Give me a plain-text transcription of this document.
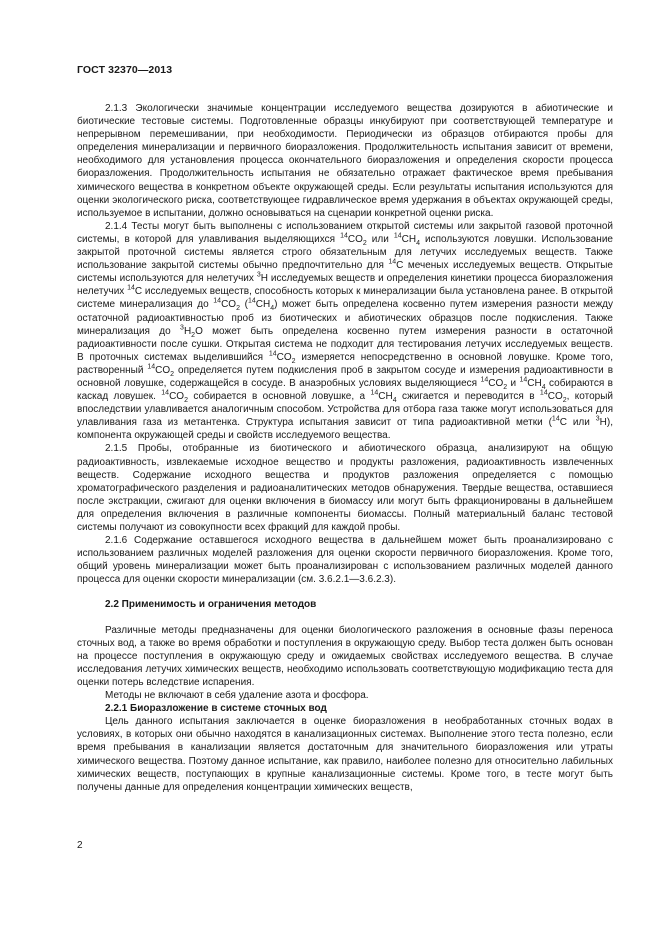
ГОСТ 32370—2013

2.1.3 Экологически значимые концентрации исследуемого вещества дозируются в абиотические и биотические тестовые системы. Подготовленные образцы инкубируют при соответствующей температуре и непрерывном перемешивании, при необходимости. Периодически из образцов отбираются пробы для определения минерализации и первичного биоразложения. Продолжительность испытания зависит от времени, необходимого для установления процесса окончательного биоразложения и определения скорости процесса биоразложения. Продолжительность испытания не обязательно отражает фактическое время пребывания химического вещества в конкретном объекте окружающей среды. Если результаты испытания используются для оценки экологического риска, соответствующее гидравлическое время удержания в объектах окружающей среды, используемое в испытании, должно основываться на сценарии конкретной оценки риска.

2.1.4 Тесты могут быть выполнены с использованием открытой системы или закрытой газовой проточной системы, в которой для улавливания выделяющихся $^{14}CO_2$ или $^{14}CH_4$ используются ловушки. Использование закрытой проточной системы является строго обязательным для летучих исследуемых веществ. Также использование закрытой системы обычно предпочтительно для $^{14}$C меченых исследуемых веществ. Открытые системы используются для нелетучих $^3$H исследуемых веществ и определения кинетики процесса биоразложения нелетучих $^{14}$C исследуемых веществ, способность которых к минерализации была установлена ранее. В открытой системе минерализация до $^{14}CO_2$ $(^{14}CH_4)$ может быть определена косвенно путем измерения разности между остаточной радиоактивностью проб из биотических и абиотических образцов после подкисления. Также минерализация до $^3H_2O$ может быть определена косвенно путем измерения разности в остаточной радиоактивности после сушки. Открытая система не подходит для тестирования летучих исследуемых веществ. В проточных системах выделившийся $^{14}CO_2$ измеряется непосредственно в основной ловушке. Кроме того, растворенный $^{14}CO_2$ определяется путем подкисления проб в закрытом сосуде и измерения радиоактивности в основной ловушке, содержащейся в сосуде. В анаэробных условиях выделяющиеся $^{14}CO_2$ и $^{14}CH_4$ собираются в каскад ловушек. $^{14}CO_2$ собирается в основной ловушке, а $^{14}CH_4$ сжигается и переводится в $^{14}CO_2$, который впоследствии улавливается аналогичным способом. Устройства для отбора газа также могут использоваться для улавливания газа из метантенка. Структура испытания зависит от типа радиоактивной метки ($^{14}$C или $^3$H), компонента окружающей среды и свойств исследуемого вещества.

2.1.5 Пробы, отобранные из биотического и абиотического образца, анализируют на общую радиоактивность, извлекаемые исходное вещество и продукты разложения, радиоактивность извлеченных веществ. Содержание исходного вещества и продуктов разложения определяется с помощью хроматографического разделения и радиоаналитических методов обнаружения. Твердые вещества, оставшиеся после экстракции, сжигают для оценки включения в биомассу или могут быть фракционированы в дальнейшем для определения включения в различные компоненты биомассы. Полный материальный баланс тестовой системы получают из совокупности всех фракций для каждой пробы.

2.1.6 Содержание оставшегося исходного вещества в дальнейшем может быть проанализировано с использованием различных моделей разложения для оценки скорости первичного биоразложения. Кроме того, общий уровень минерализации может быть проанализирован с использованием различных моделей данного процесса для оценки скорости минерализации (см. 3.6.2.1—3.6.2.3).

2.2 Применимость и ограничения методов

Различные методы предназначены для оценки биологического разложения в основные фазы переноса сточных вод, а также во время обработки и поступления в окружающую среду. Выбор теста должен быть основан на процессе поступления в окружающую среду и ожидаемых свойствах исследуемого вещества. В случае исследования летучих химических веществ, необходимо использовать соответствующую модификацию теста для оценки потерь вследствие испарения.

Методы не включают в себя удаление азота и фосфора.

2.2.1 Биоразложение в системе сточных вод

Цель данного испытания заключается в оценке биоразложения в необработанных сточных водах в условиях, в которых они обычно находятся в канализационных системах. Выполнение этого теста полезно, если время пребывания в канализации является достаточным для значительного биоразложения или утраты химического вещества. Поэтому данное испытание, как правило, наиболее полезно для относительно лабильных химических веществ, поступающих в крупные канализационные системы. Кроме того, в тесте могут быть получены данные для определения концентрации химических веществ,

2
